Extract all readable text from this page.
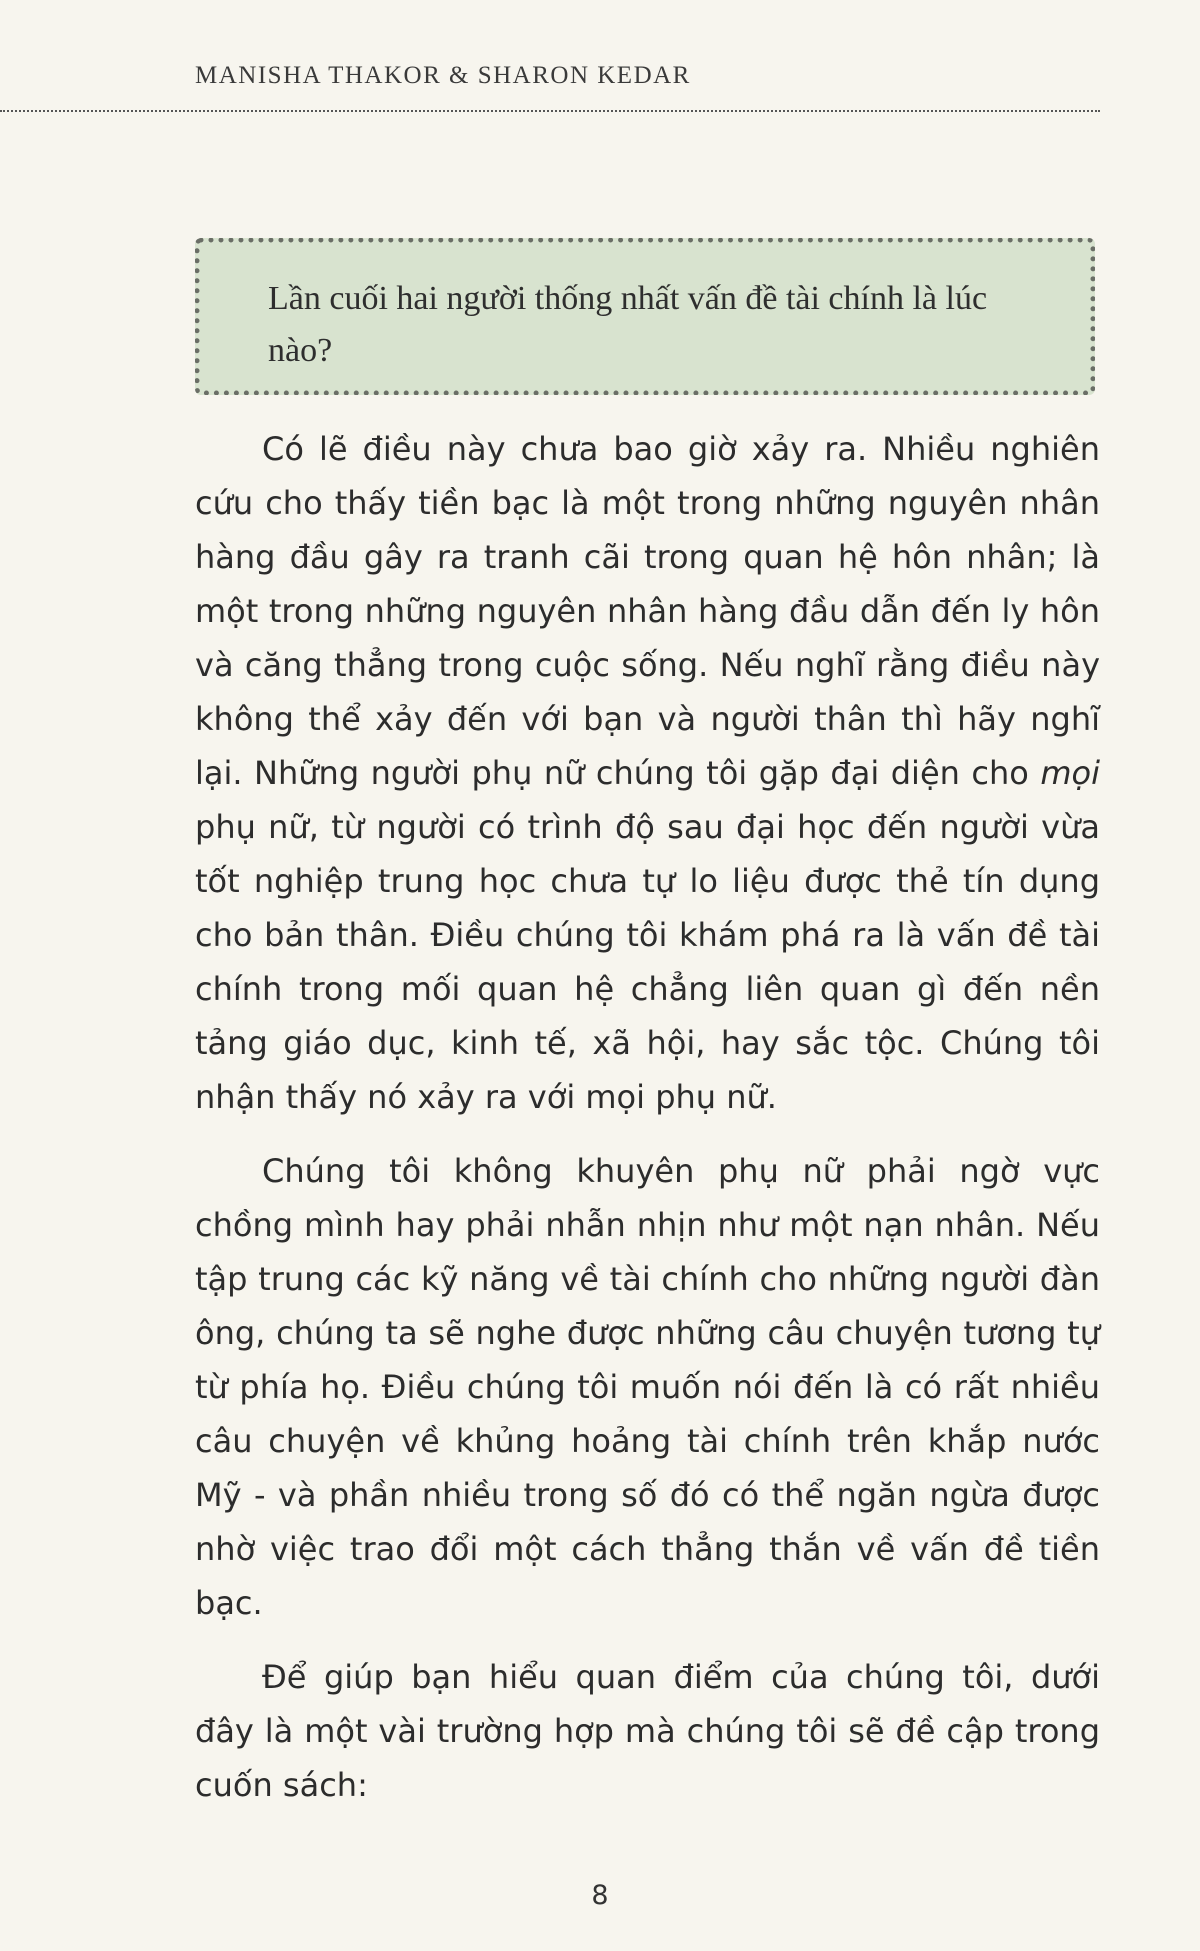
MANISHA THAKOR & SHARON KEDAR
Lần cuối hai người thống nhất vấn đề tài chính là lúc nào?

Có lẽ điều này chưa bao giờ xảy ra. Nhiều nghiên cứu cho thấy tiền bạc là một trong những nguyên nhân hàng đầu gây ra tranh cãi trong quan hệ hôn nhân; là một trong những nguyên nhân hàng đầu dẫn đến ly hôn và căng thẳng trong cuộc sống. Nếu nghĩ rằng điều này không thể xảy đến với bạn và người thân thì hãy nghĩ lại. Những người phụ nữ chúng tôi gặp đại diện cho mọi phụ nữ, từ người có trình độ sau đại học đến người vừa tốt nghiệp trung học chưa tự lo liệu được thẻ tín dụng cho bản thân. Điều chúng tôi khám phá ra là vấn đề tài chính trong mối quan hệ chẳng liên quan gì đến nền tảng giáo dục, kinh tế, xã hội, hay sắc tộc. Chúng tôi nhận thấy nó xảy ra với mọi phụ nữ.

Chúng tôi không khuyên phụ nữ phải ngờ vực chồng mình hay phải nhẫn nhịn như một nạn nhân. Nếu tập trung các kỹ năng về tài chính cho những người đàn ông, chúng ta sẽ nghe được những câu chuyện tương tự từ phía họ. Điều chúng tôi muốn nói đến là có rất nhiều câu chuyện về khủng hoảng tài chính trên khắp nước Mỹ - và phần nhiều trong số đó có thể ngăn ngừa được nhờ việc trao đổi một cách thẳng thắn về vấn đề tiền bạc.

Để giúp bạn hiểu quan điểm của chúng tôi, dưới đây là một vài trường hợp mà chúng tôi sẽ đề cập trong cuốn sách:

8
